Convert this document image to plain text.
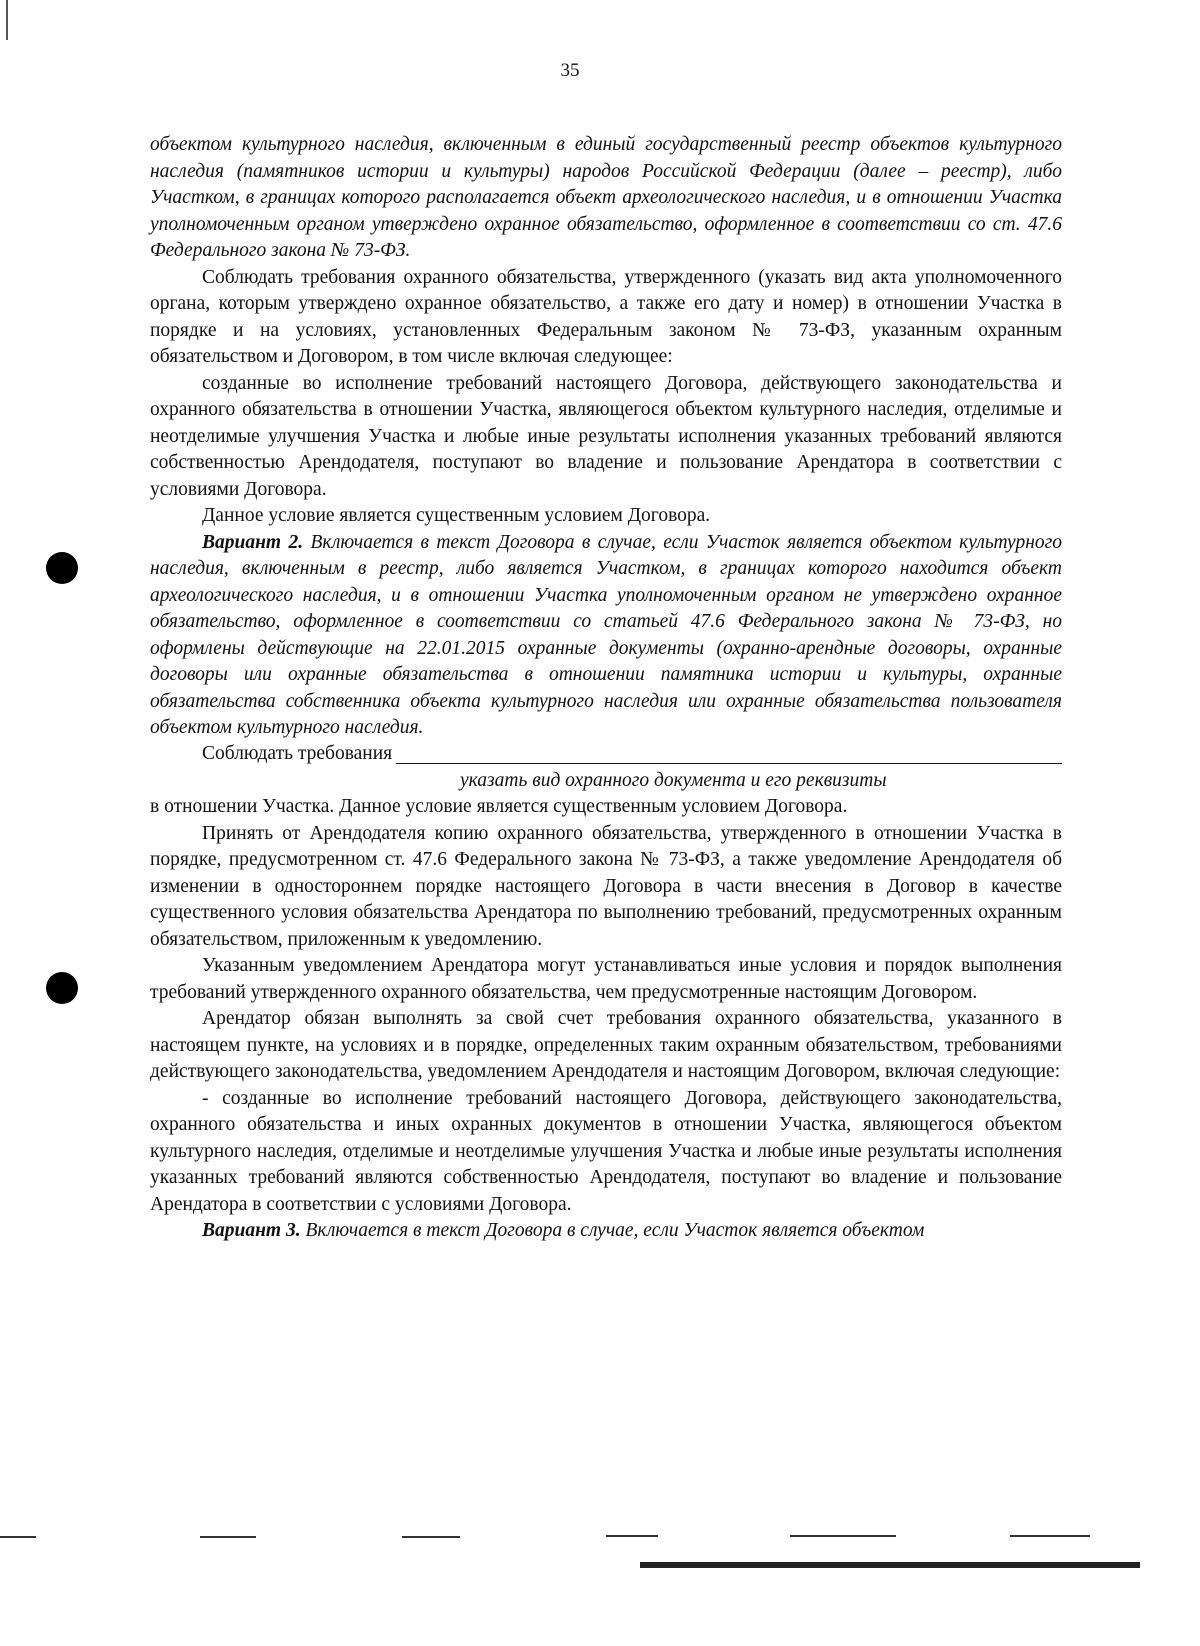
35

объектом культурного наследия, включенным в единый государственный реестр объектов культурного наследия (памятников истории и культуры) народов Российской Федерации (далее – реестр), либо Участком, в границах которого располагается объект археологического наследия, и в отношении Участка уполномоченным органом утверждено охранное обязательство, оформленное в соответствии со ст. 47.6 Федерального закона № 73-ФЗ.

Соблюдать требования охранного обязательства, утвержденного (указать вид акта уполномоченного органа, которым утверждено охранное обязательство, а также его дату и номер) в отношении Участка в порядке и на условиях, установленных Федеральным законом № 73-ФЗ, указанным охранным обязательством и Договором, в том числе включая следующее:

созданные во исполнение требований настоящего Договора, действующего законодательства и охранного обязательства в отношении Участка, являющегося объектом культурного наследия, отделимые и неотделимые улучшения Участка и любые иные результаты исполнения указанных требований являются собственностью Арендодателя, поступают во владение и пользование Арендатора в соответствии с условиями Договора.

Данное условие является существенным условием Договора.

Вариант 2. Включается в текст Договора в случае, если Участок является объектом культурного наследия, включенным в реестр, либо является Участком, в границах которого находится объект археологического наследия, и в отношении Участка уполномоченным органом не утверждено охранное обязательство, оформленное в соответствии со статьей 47.6 Федерального закона № 73-ФЗ, но оформлены действующие на 22.01.2015 охранные документы (охранно-арендные договоры, охранные договоры или охранные обязательства в отношении памятника истории и культуры, охранные обязательства собственника объекта культурного наследия или охранные обязательства пользователя объектом культурного наследия.

Соблюдать требования

указать вид охранного документа и его реквизиты

в отношении Участка. Данное условие является существенным условием Договора.

Принять от Арендодателя копию охранного обязательства, утвержденного в отношении Участка в порядке, предусмотренном ст. 47.6 Федерального закона № 73-ФЗ, а также уведомление Арендодателя об изменении в одностороннем порядке настоящего Договора в части внесения в Договор в качестве существенного условия обязательства Арендатора по выполнению требований, предусмотренных охранным обязательством, приложенным к уведомлению.

Указанным уведомлением Арендатора могут устанавливаться иные условия и порядок выполнения требований утвержденного охранного обязательства, чем предусмотренные настоящим Договором.

Арендатор обязан выполнять за свой счет требования охранного обязательства, указанного в настоящем пункте, на условиях и в порядке, определенных таким охранным обязательством, требованиями действующего законодательства, уведомлением Арендодателя и настоящим Договором, включая следующие:

- созданные во исполнение требований настоящего Договора, действующего законодательства, охранного обязательства и иных охранных документов в отношении Участка, являющегося объектом культурного наследия, отделимые и неотделимые улучшения Участка и любые иные результаты исполнения указанных требований являются собственностью Арендодателя, поступают во владение и пользование Арендатора в соответствии с условиями Договора.

Вариант 3. Включается в текст Договора в случае, если Участок является объектом
